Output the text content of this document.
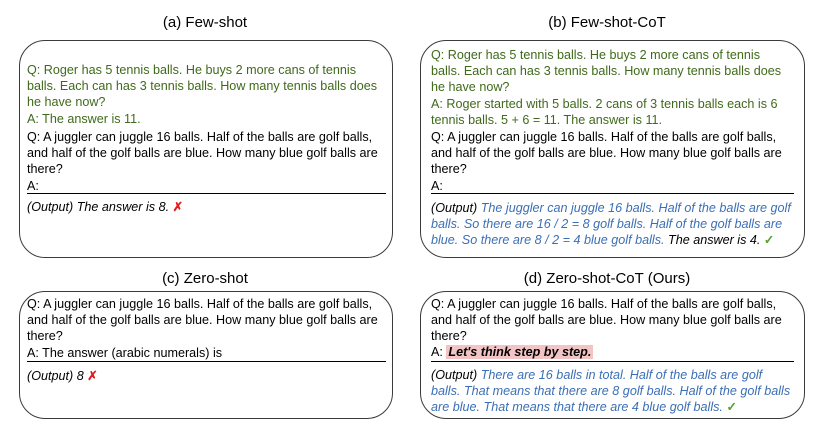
(a) Few-shot	(b) Few-shot-CoT
(c) Zero-shot	(d) Zero-shot-CoT (Ours)
Q: Roger has 5 tennis balls. He buys 2 more cans of tennis
balls. Each can has 3 tennis balls. How many tennis balls does
he have now?
A: The answer is 11.
Q: A juggler can juggle 16 balls. Half of the balls are golf balls,
and half of the golf balls are blue. How many blue golf balls are
there?
A:
(Output) The answer is 8. ✗
Q: Roger has 5 tennis balls. He buys 2 more cans of tennis
balls. Each can has 3 tennis balls. How many tennis balls does
he have now?
A: Roger started with 5 balls. 2 cans of 3 tennis balls each is 6
tennis balls. 5 + 6 = 11. The answer is 11.
Q: A juggler can juggle 16 balls. Half of the balls are golf balls,
and half of the golf balls are blue. How many blue golf balls are
there?
A:
(Output) The juggler can juggle 16 balls. Half of the balls are golf
balls. So there are 16 / 2 = 8 golf balls. Half of the golf balls are
blue. So there are 8 / 2 = 4 blue golf balls. The answer is 4. ✓
Q: A juggler can juggle 16 balls. Half of the balls are golf balls,
and half of the golf balls are blue. How many blue golf balls are
there?
A: The answer (arabic numerals) is
(Output) 8 ✗
Q: A juggler can juggle 16 balls. Half of the balls are golf balls,
and half of the golf balls are blue. How many blue golf balls are
there?
A: Let's think step by step.
(Output) There are 16 balls in total. Half of the balls are golf
balls. That means that there are 8 golf balls. Half of the golf balls
are blue. That means that there are 4 blue golf balls. ✓
